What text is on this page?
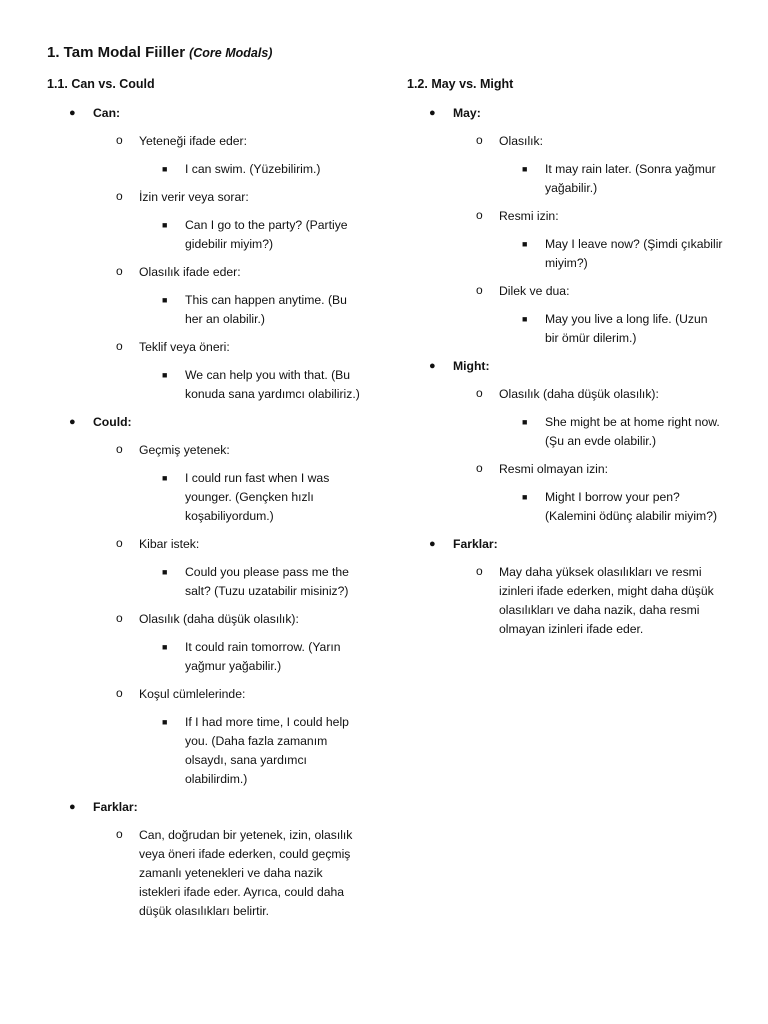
1. Tam Modal Fiiller (Core Modals)
1.1. Can vs. Could
● Can:
o Yeteneği ifade eder:
■ I can swim. (Yüzebilirim.)
o İzin verir veya sorar:
■ Can I go to the party? (Partiye gidebilir miyim?)
o Olasılık ifade eder:
■ This can happen anytime. (Bu her an olabilir.)
o Teklif veya öneri:
■ We can help you with that. (Bu konuda sana yardımcı olabiliriz.)
● Could:
o Geçmiş yetenek:
■ I could run fast when I was younger. (Gençken hızlı koşabiliyordum.)
o Kibar istek:
■ Could you please pass me the salt? (Tuzu uzatabilir misiniz?)
o Olasılık (daha düşük olasılık):
■ It could rain tomorrow. (Yarın yağmur yağabilir.)
o Koşul cümlelerinde:
■ If I had more time, I could help you. (Daha fazla zamanım olsaydı, sana yardımcı olabilirdim.)
● Farklar:
o Can, doğrudan bir yetenek, izin, olasılık veya öneri ifade ederken, could geçmiş zamanlı yetenekleri ve daha nazik istekleri ifade eder. Ayrıca, could daha düşük olasılıkları belirtir.
1.2. May vs. Might
● May:
o Olasılık:
■ It may rain later. (Sonra yağmur yağabilir.)
o Resmi izin:
■ May I leave now? (Şimdi çıkabilir miyim?)
o Dilek ve dua:
■ May you live a long life. (Uzun bir ömür dilerim.)
● Might:
o Olasılık (daha düşük olasılık):
■ She might be at home right now. (Şu an evde olabilir.)
o Resmi olmayan izin:
■ Might I borrow your pen? (Kalemini ödünç alabilir miyim?)
● Farklar:
o May daha yüksek olasılıkları ve resmi izinleri ifade ederken, might daha düşük olasılıkları ve daha nazik, daha resmi olmayan izinleri ifade eder.
